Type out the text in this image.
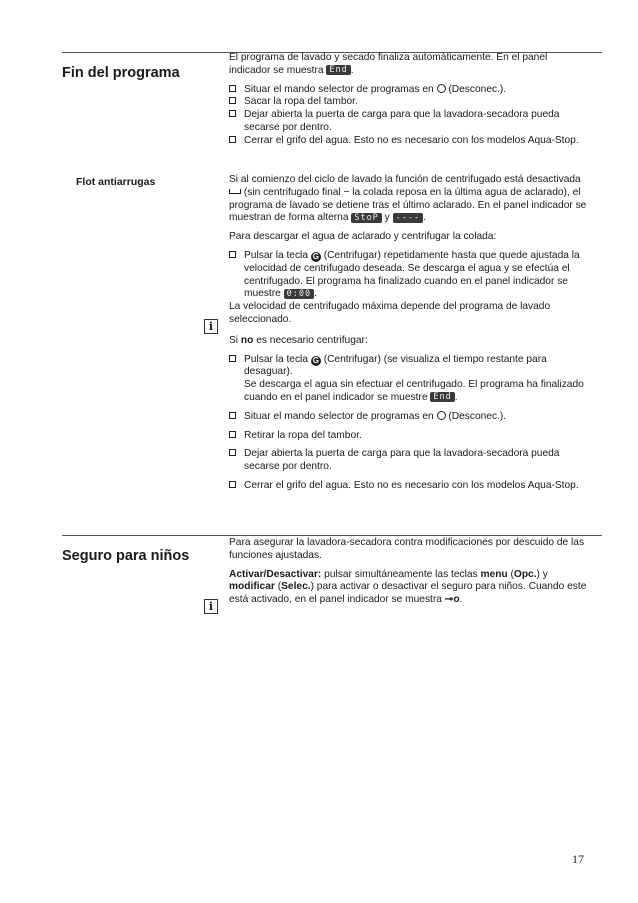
Fin del programa

El programa de lavado y secado finaliza automáticamente. En el panel indicador se muestra End .

Situar el mando selector de programas en (Desconec.).

Sacar la ropa del tambor.

Dejar abierta la puerta de carga para que la lavadora-secadora pueda secarse por dentro.

Cerrar el grifo del agua. Esto no es necesario con los modelos Aqua-Stop.

Flot antiarrugas	Si al comienzo del ciclo de lavado la función de centrifugado está desactivada  (sin centrifugado final − la colada reposa en la última agua de aclarado), el programa de lavado se detiene tras el último aclarado. En el panel indicador se muestran de forma alterna StoP y ---- .

Para descargar el agua de aclarado y centrifugar la colada:

Pulsar la tecla G (Centrifugar) repetidamente hasta que quede ajustada la velocidad de centrifugado deseada. Se descarga el agua y se efectúa el centrifugado. El programa ha finalizado cuando en el panel indicador se muestre 0:00 .

La velocidad de centrifugado máxima depende del programa de lavado seleccionado.

Si no es necesario centrifugar:

Pulsar la tecla G (Centrifugar) (se visualiza el tiempo restante para desaguar).
Se descarga el agua sin efectuar el centrifugado. El programa ha finalizado cuando en el panel indicador se muestre End .

Situar el mando selector de programas en (Desconec.).

Retirar la ropa del tambor.

Dejar abierta la puerta de carga para que la lavadora-secadora pueda secarse por dentro.

Cerrar el grifo del agua. Esto no es necesario con los modelos Aqua-Stop.

i
Seguro para niños

Para asegurar la lavadora-secadora contra modificaciones por descuido de las funciones ajustadas.

Activar/Desactivar: pulsar simultáneamente las teclas menu (Opc.) y modificar (Selec.) para activar o desactivar el seguro para niños. Cuando este está activado, en el panel indicador se muestra ⊸o.

i
17
